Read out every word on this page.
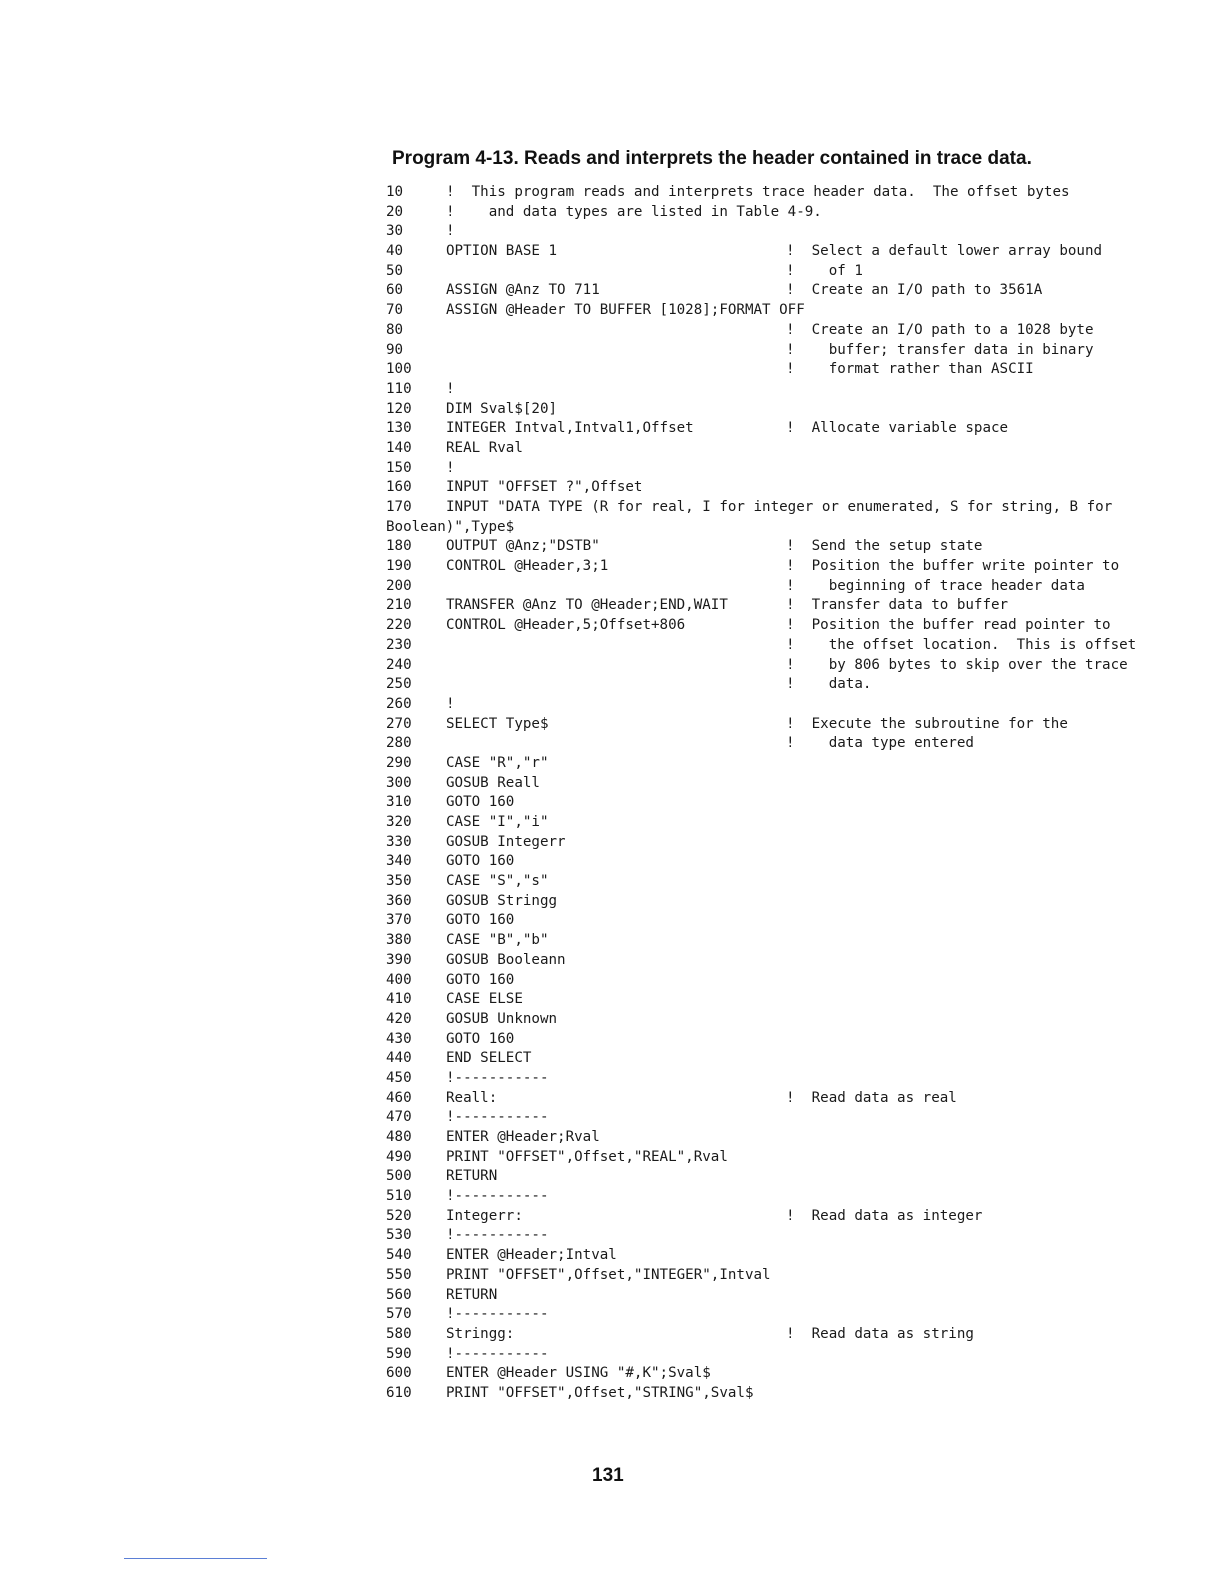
Program 4-13. Reads and interprets the header contained in trace data.
10	!  This program reads and interprets trace header data.  The offset bytes
20	!    and data types are listed in Table 4-9.
30	!
40	OPTION BASE 1	!  Select a default lower array bound
50	!    of 1
60	ASSIGN @Anz TO 711	!  Create an I/O path to 3561A
70	ASSIGN @Header TO BUFFER [1028];FORMAT OFF
80	!  Create an I/O path to a 1028 byte
90	!    buffer; transfer data in binary
100	!    format rather than ASCII
110	!
120	DIM Sval$[20]
130	INTEGER Intval,Intval1,Offset	!  Allocate variable space
140	REAL Rval
150	!
160	INPUT "OFFSET ?",Offset
170	INPUT "DATA TYPE (R for real, I for integer or enumerated, S for string, B for
Boolean)",Type$
180	OUTPUT @Anz;"DSTB"	!  Send the setup state
190	CONTROL @Header,3;1	!  Position the buffer write pointer to
200	!    beginning of trace header data
210	TRANSFER @Anz TO @Header;END,WAIT	!  Transfer data to buffer
220	CONTROL @Header,5;Offset+806	!  Position the buffer read pointer to
230	!    the offset location.  This is offset
240	!    by 806 bytes to skip over the trace
250	!    data.
260	!
270	SELECT Type$	!  Execute the subroutine for the
280	!    data type entered
290	CASE "R","r"
300	GOSUB Reall
310	GOTO 160
320	CASE "I","i"
330	GOSUB Integerr
340	GOTO 160
350	CASE "S","s"
360	GOSUB Stringg
370	GOTO 160
380	CASE "B","b"
390	GOSUB Booleann
400	GOTO 160
410	CASE ELSE
420	GOSUB Unknown
430	GOTO 160
440	END SELECT
450	!-----------
460	Reall:	!  Read data as real
470	!-----------
480	ENTER @Header;Rval
490	PRINT "OFFSET",Offset,"REAL",Rval
500	RETURN
510	!-----------
520	Integerr:	!  Read data as integer
530	!-----------
540	ENTER @Header;Intval
550	PRINT "OFFSET",Offset,"INTEGER",Intval
560	RETURN
570	!-----------
580	Stringg:	!  Read data as string
590	!-----------
600	ENTER @Header USING "#,K";Sval$
610	PRINT "OFFSET",Offset,"STRING",Sval$
131
